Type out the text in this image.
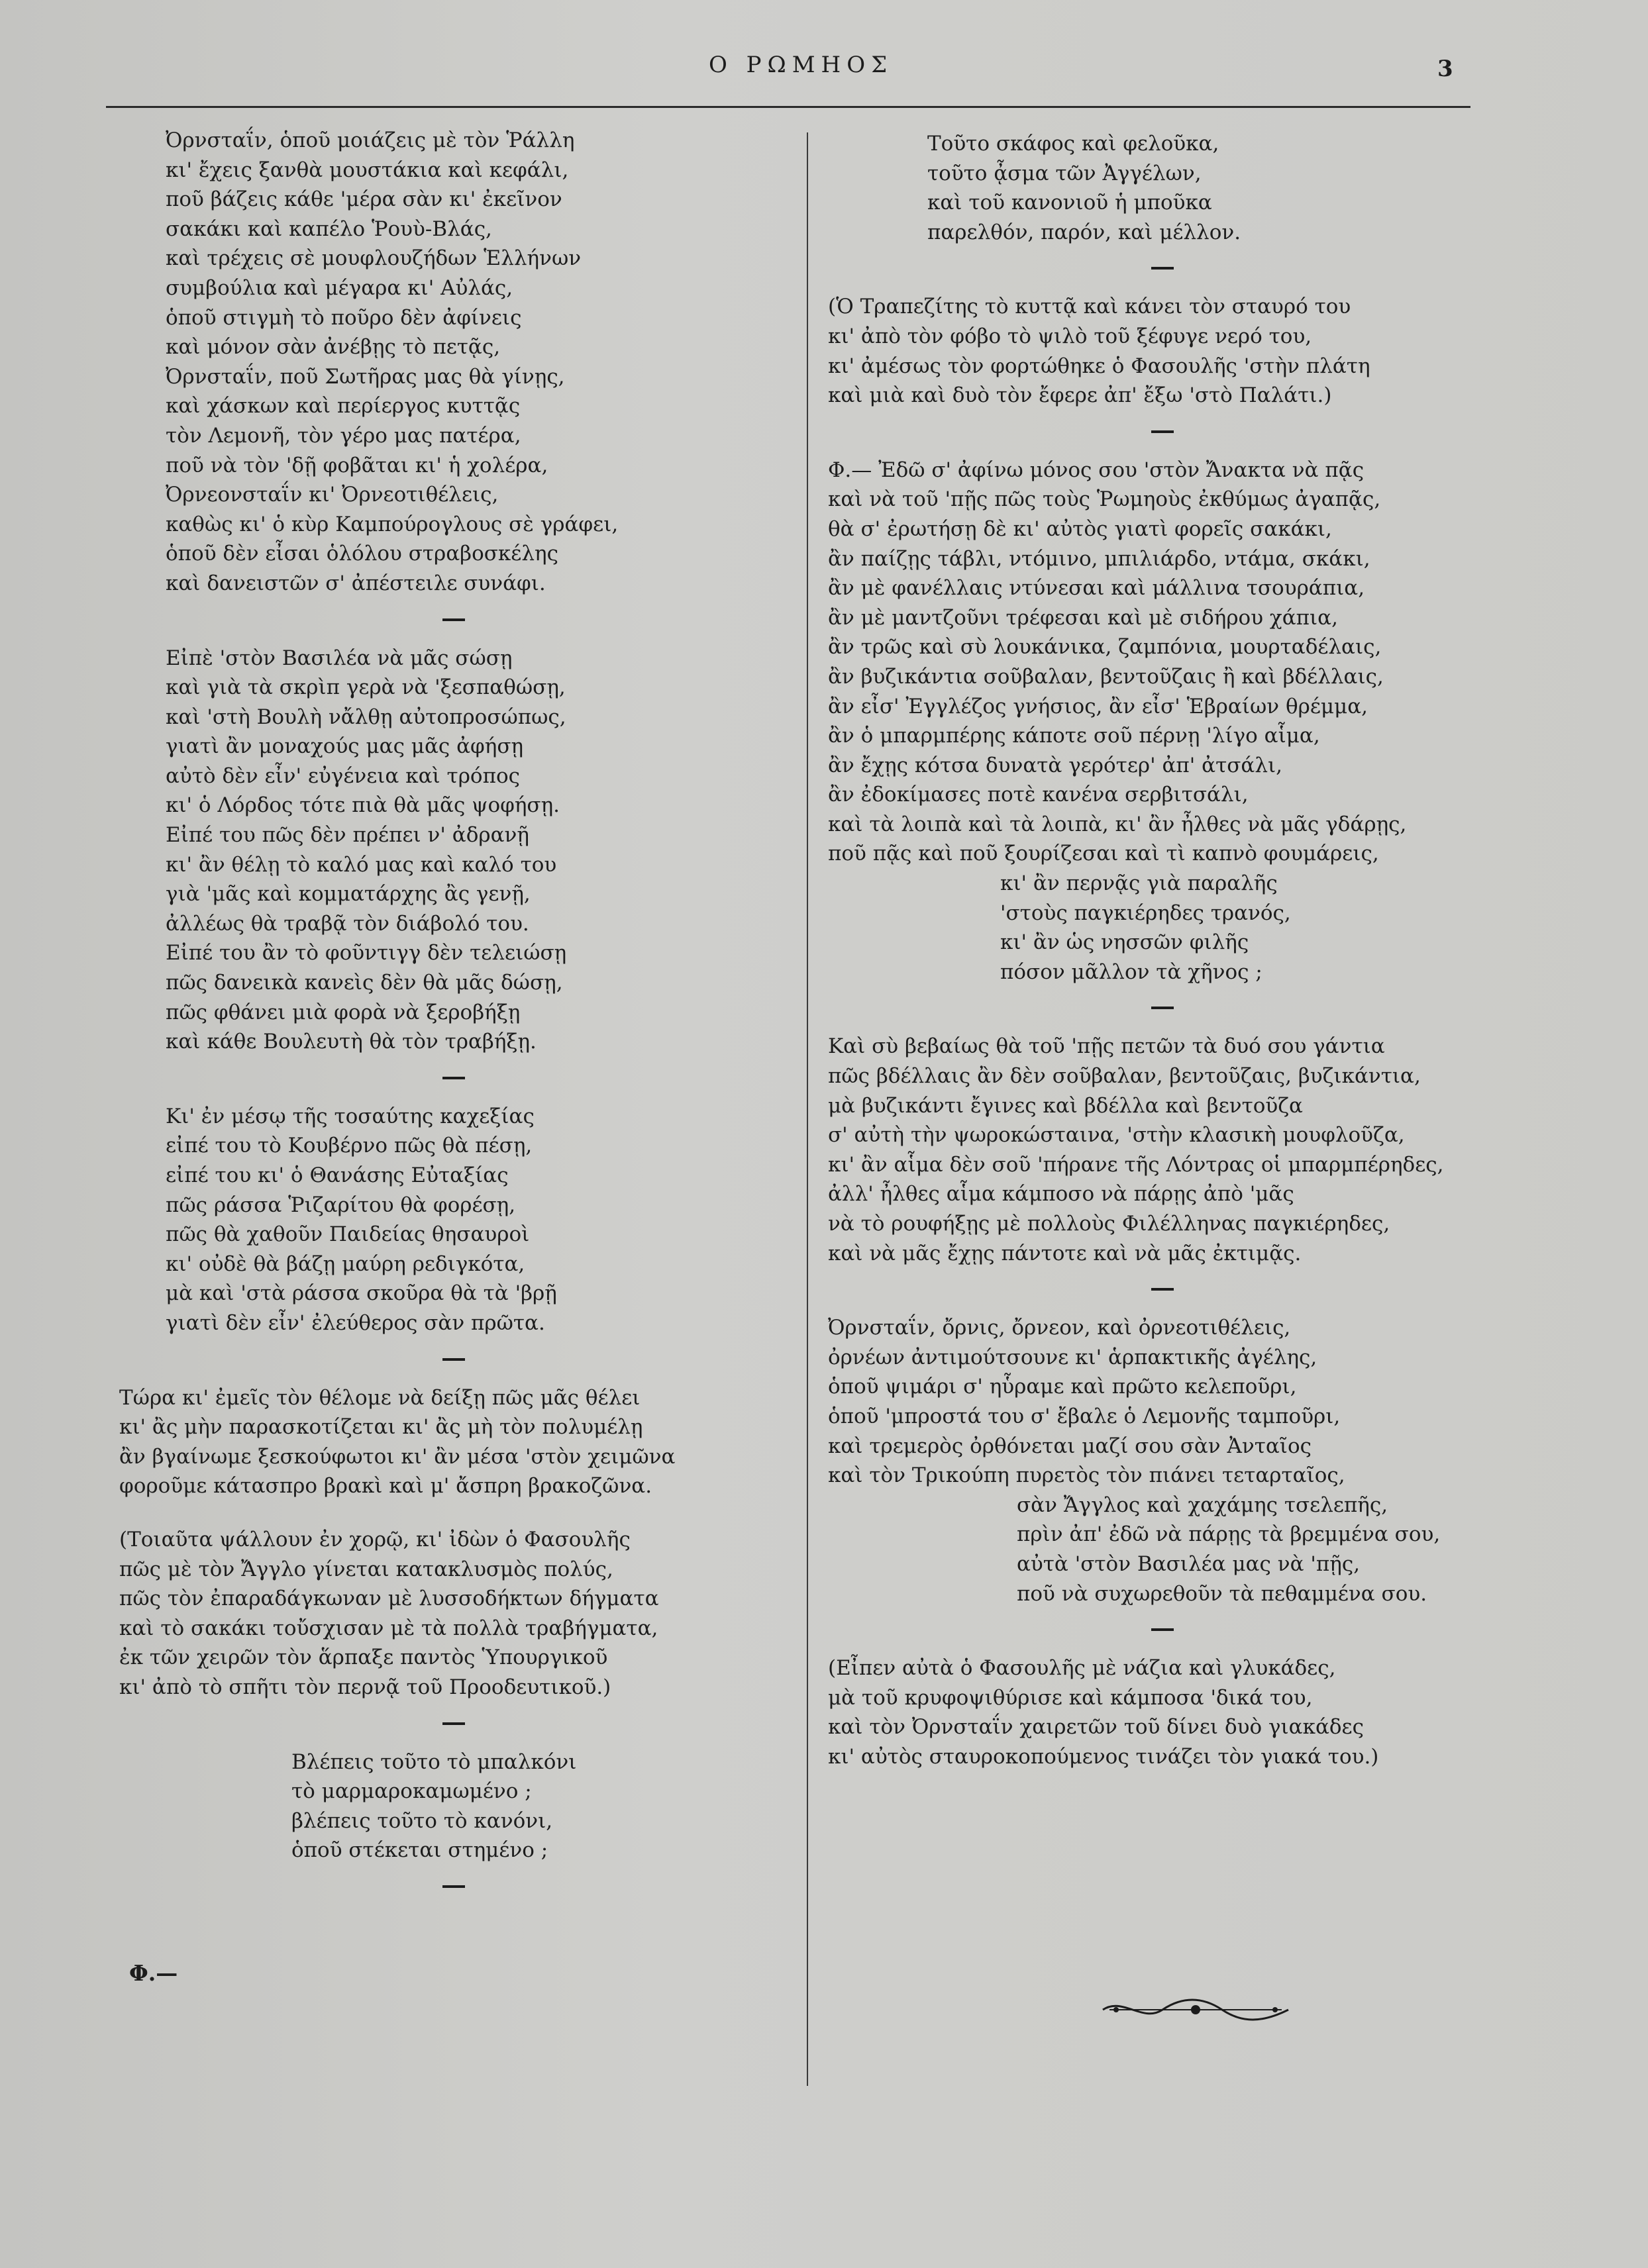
Ο ΡΩΜΗΟΣ	3
Ὀρνσταΐν, ὁποῦ μοιάζεις μὲ τὸν Ῥάλλη
κι' ἔχεις ξανθὰ μουστάκια καὶ κεφάλι,
ποῦ βάζεις κάθε 'μέρα σὰν κι' ἐκεῖνον
σακάκι καὶ καπέλο Ῥουὺ-Βλάς,
καὶ τρέχεις σὲ μουφλουζήδων Ἑλλήνων
συμβούλια καὶ μέγαρα κι' Αὐλάς,
ὁποῦ στιγμὴ τὸ ποῦρο δὲν ἀφίνεις
καὶ μόνον σὰν ἀνέβῃς τὸ πετᾷς,
Ὀρνσταΐν, ποῦ Σωτῆρας μας θὰ γίνῃς,
καὶ χάσκων καὶ περίεργος κυττᾷς
τὸν Λεμονῆ, τὸν γέρο μας πατέρα,
ποῦ νὰ τὸν 'δῇ φοβᾶται κι' ἡ χολέρα,
Ὀρνεονσταΐν κι' Ὀρνεοτιθέλεις,
καθὼς κι' ὁ κὺρ Καμπούρογλους σὲ γράφει,
ὁποῦ δὲν εἶσαι ὁλόλου στραβοσκέλης
καὶ δανειστῶν σ' ἀπέστειλε συνάφι.
Εἰπὲ 'στὸν Βασιλέα νὰ μᾶς σώσῃ
καὶ γιὰ τὰ σκρὶπ γερὰ νὰ 'ξεσπαθώσῃ,
καὶ 'στὴ Βουλὴ νἄλθῃ αὐτοπροσώπως,
γιατὶ ἂν μοναχούς μας μᾶς ἀφήσῃ
αὐτὸ δὲν εἶν' εὐγένεια καὶ τρόπος
κι' ὁ Λόρδος τότε πιὰ θὰ μᾶς ψοφήσῃ.
Εἰπέ του πῶς δὲν πρέπει ν' ἀδρανῇ
κι' ἂν θέλῃ τὸ καλό μας καὶ καλό του
γιὰ 'μᾶς καὶ κομματάρχης ἂς γενῇ,
ἀλλέως θὰ τραβᾷ τὸν διάβολό του.
Εἰπέ του ἂν τὸ φοῦντιγγ δὲν τελειώσῃ
πῶς δανεικὰ κανεὶς δὲν θὰ μᾶς δώσῃ,
πῶς φθάνει μιὰ φορὰ νὰ ξεροβήξῃ
καὶ κάθε Βουλευτὴ θὰ τὸν τραβήξῃ.
Κι' ἐν μέσῳ τῆς τοσαύτης καχεξίας
εἰπέ του τὸ Κουβέρνο πῶς θὰ πέσῃ,
εἰπέ του κι' ὁ Θανάσης Εὐταξίας
πῶς ράσσα Ῥιζαρίτου θὰ φορέσῃ,
πῶς θὰ χαθοῦν Παιδείας θησαυροὶ
κι' οὐδὲ θὰ βάζῃ μαύρη ρεδιγκότα,
μὰ καὶ 'στὰ ράσσα σκοῦρα θὰ τὰ 'βρῇ
γιατὶ δὲν εἶν' ἐλεύθερος σὰν πρῶτα.
Τώρα κι' ἐμεῖς τὸν θέλομε νὰ δείξῃ πῶς μᾶς θέλει
κι' ἂς μὴν παρασκοτίζεται κι' ἂς μὴ τὸν πολυμέλῃ
ἂν βγαίνωμε ξεσκούφωτοι κι' ἂν μέσα 'στὸν χειμῶνα
φοροῦμε κάτασπρο βρακὶ καὶ μ' ἄσπρη βρακοζῶνα.
(Τοιαῦτα ψάλλουν ἐν χορῷ, κι' ἰδὼν ὁ Φασουλῆς
πῶς μὲ τὸν Ἄγγλο γίνεται κατακλυσμὸς πολύς,
πῶς τὸν ἐπαραδάγκωναν μὲ λυσσοδήκτων δήγματα
καὶ τὸ σακάκι τοὔσχισαν μὲ τὰ πολλὰ τραβήγματα,
ἐκ τῶν χειρῶν τὸν ἅρπαξε παντὸς Ὑπουργικοῦ
κι' ἀπὸ τὸ σπῆτι τὸν περνᾷ τοῦ Προοδευτικοῦ.)
Βλέπεις τοῦτο τὸ μπαλκόνι
τὸ μαρμαροκαμωμένο ;
βλέπεις τοῦτο τὸ κανόνι,
ὁποῦ στέκεται στημένο ;
Φ.—
Τοῦτο σκάφος καὶ φελοῦκα,
τοῦτο ᾆσμα τῶν Ἀγγέλων,
καὶ τοῦ κανονιοῦ ἡ μποῦκα
παρελθόν, παρόν, καὶ μέλλον.
(Ὁ Τραπεζίτης τὸ κυττᾷ καὶ κάνει τὸν σταυρό του
κι' ἀπὸ τὸν φόβο τὸ ψιλὸ τοῦ ξέφυγε νερό του,
κι' ἀμέσως τὸν φορτώθηκε ὁ Φασουλῆς 'στὴν πλάτη
καὶ μιὰ καὶ δυὸ τὸν ἔφερε ἀπ' ἔξω 'στὸ Παλάτι.)
Φ.— Ἐδῶ σ' ἀφίνω μόνος σου 'στὸν Ἄνακτα νὰ πᾷς
καὶ νὰ τοῦ 'πῇς πῶς τοὺς Ῥωμηοὺς ἐκθύμως ἀγαπᾷς,
θὰ σ' ἐρωτήσῃ δὲ κι' αὐτὸς γιατὶ φορεῖς σακάκι,
ἂν παίζῃς τάβλι, ντόμινο, μπιλιάρδο, ντάμα, σκάκι,
ἂν μὲ φανέλλαις ντύνεσαι καὶ μάλλινα τσουράπια,
ἂν μὲ μαντζοῦνι τρέφεσαι καὶ μὲ σιδήρου χάπια,
ἂν τρῶς καὶ σὺ λουκάνικα, ζαμπόνια, μουρταδέλαις,
ἂν βυζικάντια σοῦβαλαν, βεντοῦζαις ἢ καὶ βδέλλαις,
ἂν εἶσ' Ἐγγλέζος γνήσιος, ἂν εἶσ' Ἑβραίων θρέμμα,
ἂν ὁ μπαρμπέρης κάποτε σοῦ πέρνῃ 'λίγο αἷμα,
ἂν ἔχῃς κότσα δυνατὰ γερότερ' ἀπ' ἀτσάλι,
ἂν ἐδοκίμασες ποτὲ κανένα σερβιτσάλι,
καὶ τὰ λοιπὰ καὶ τὰ λοιπὰ, κι' ἂν ἦλθες νὰ μᾶς γδάρῃς,
ποῦ πᾷς καὶ ποῦ ξουρίζεσαι καὶ τὶ καπνὸ φουμάρεις,
κι' ἂν περνᾷς γιὰ παραλῆς
'στοὺς παγκιέρηδες τρανός,
κι' ἂν ὡς νησσῶν φιλῆς
πόσον μᾶλλον τὰ χῆνος ;
Καὶ σὺ βεβαίως θὰ τοῦ 'πῇς πετῶν τὰ δυό σου γάντια
πῶς βδέλλαις ἂν δὲν σοῦβαλαν, βεντοῦζαις, βυζικάντια,
μὰ βυζικάντι ἔγινες καὶ βδέλλα καὶ βεντοῦζα
σ' αὐτὴ τὴν ψωροκώσταινα, 'στὴν κλασικὴ μουφλοῦζα,
κι' ἂν αἷμα δὲν σοῦ 'πήρανε τῆς Λόντρας οἱ μπαρμπέρηδες,
ἀλλ' ἦλθες αἷμα κάμποσο νὰ πάρῃς ἀπὸ 'μᾶς
νὰ τὸ ρουφήξῃς μὲ πολλοὺς Φιλέλληνας παγκιέρηδες,
καὶ νὰ μᾶς ἔχῃς πάντοτε καὶ νὰ μᾶς ἐκτιμᾷς.
Ὀρνσταΐν, ὄρνις, ὄρνεον, καὶ ὀρνεοτιθέλεις,
ὀρνέων ἀντιμούτσουνε κι' ἁρπακτικῆς ἀγέλης,
ὁποῦ ψιμάρι σ' ηὗραμε καὶ πρῶτο κελεποῦρι,
ὁποῦ 'μπροστά του σ' ἔβαλε ὁ Λεμονῆς ταμποῦρι,
καὶ τρεμερὸς ὀρθόνεται μαζί σου σὰν Ἀνταῖος
καὶ τὸν Τρικούπη πυρετὸς τὸν πιάνει τεταρταῖος,
σὰν Ἄγγλος καὶ χαχάμης τσελεπῆς,
πρὶν ἀπ' ἐδῶ νὰ πάρῃς τὰ βρεμμένα σου,
αὐτὰ 'στὸν Βασιλέα μας νὰ 'πῇς,
ποῦ νὰ συχωρεθοῦν τὰ πεθαμμένα σου.
(Εἶπεν αὐτὰ ὁ Φασουλῆς μὲ νάζια καὶ γλυκάδες,
μὰ τοῦ κρυφοψιθύρισε καὶ κάμποσα 'δικά του,
καὶ τὸν Ὀρνσταΐν χαιρετῶν τοῦ δίνει δυὸ γιακάδες
κι' αὐτὸς σταυροκοπούμενος τινάζει τὸν γιακά του.)
